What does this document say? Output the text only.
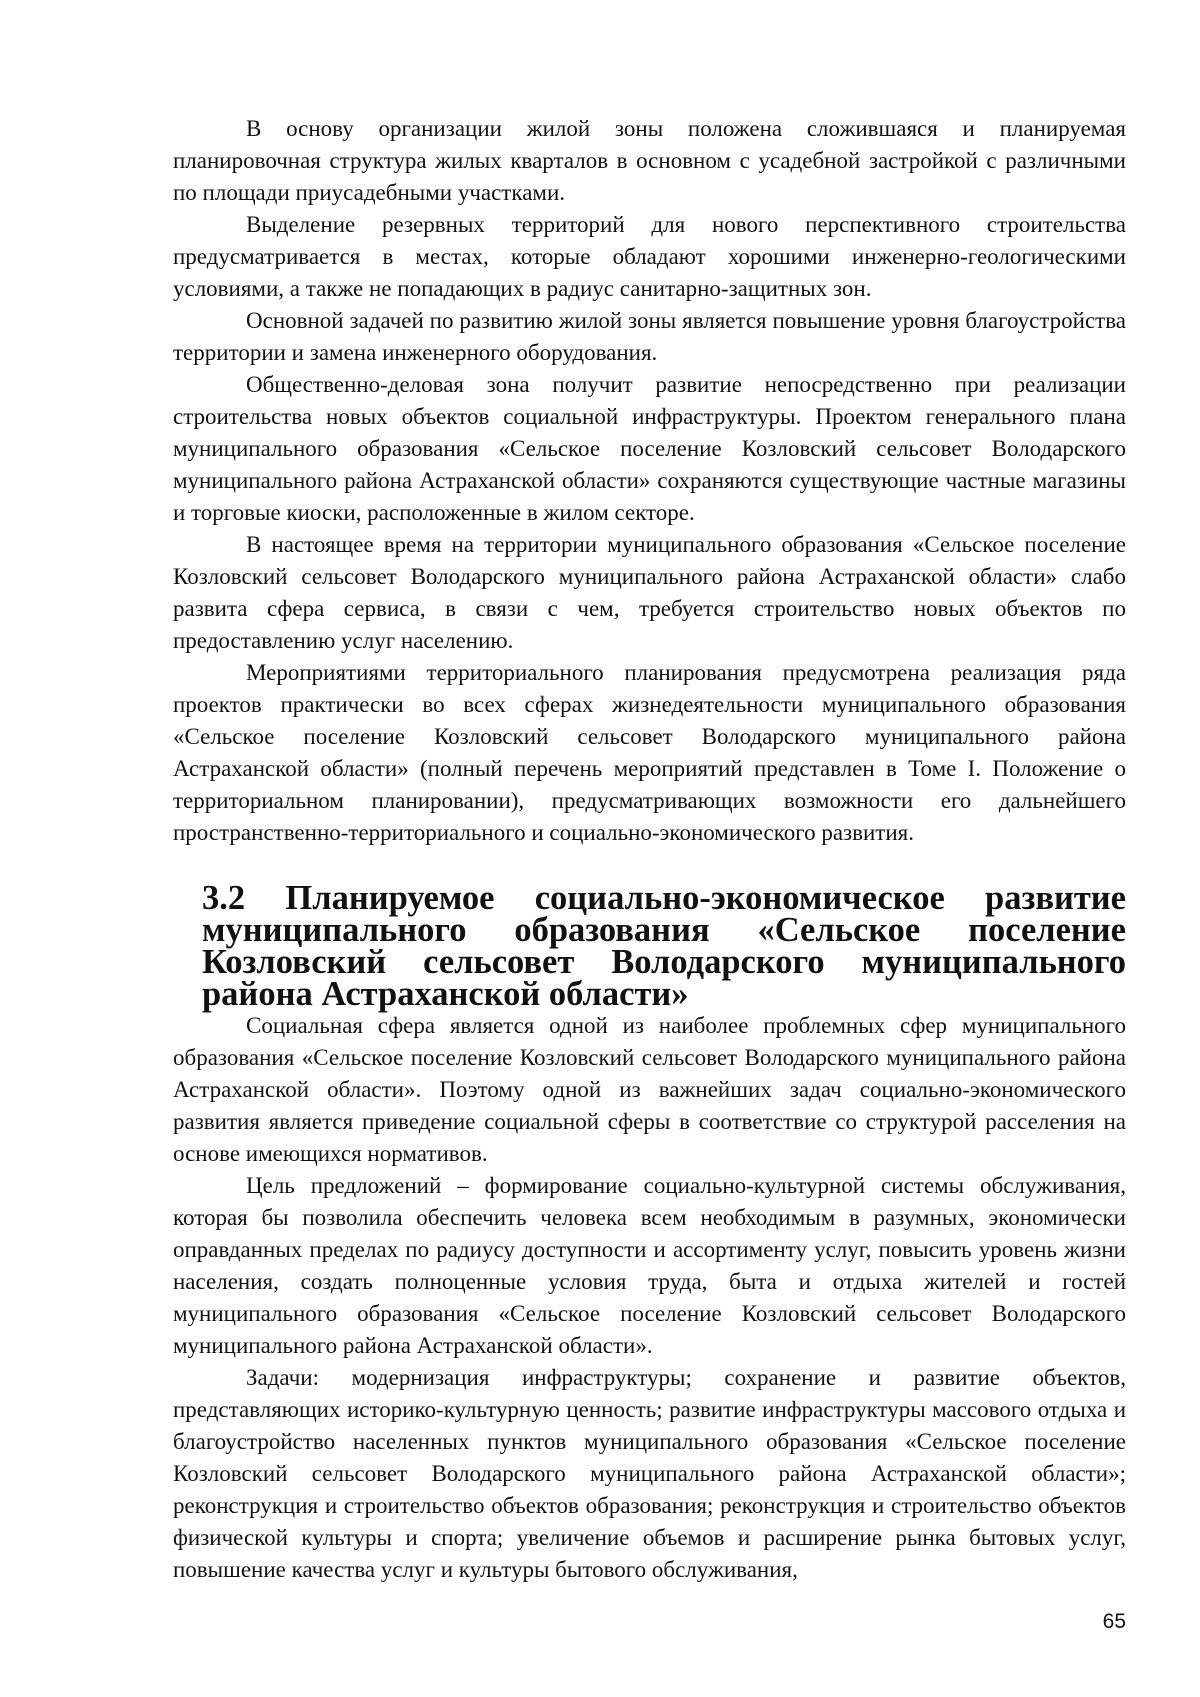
В основу организации жилой зоны положена сложившаяся и планируемая планировочная структура жилых кварталов в основном с усадебной застройкой с различными по площади приусадебными участками.

Выделение резервных территорий для нового перспективного строительства предусматривается в местах, которые обладают хорошими инженерно-геологическими условиями, а также не попадающих в радиус санитарно-защитных зон.

Основной задачей по развитию жилой зоны является повышение уровня благоустройства территории и замена инженерного оборудования.

Общественно-деловая зона получит развитие непосредственно при реализации строительства новых объектов социальной инфраструктуры. Проектом генерального плана муниципального образования «Сельское поселение Козловский сельсовет Володарского муниципального района Астраханской области» сохраняются существующие частные магазины и торговые киоски, расположенные в жилом секторе.

В настоящее время на территории муниципального образования «Сельское поселение Козловский сельсовет Володарского муниципального района Астраханской области» слабо развита сфера сервиса, в связи с чем, требуется строительство новых объектов по предоставлению услуг населению.

Мероприятиями территориального планирования предусмотрена реализация ряда проектов практически во всех сферах жизнедеятельности муниципального образования «Сельское поселение Козловский сельсовет Володарского муниципального района Астраханской области» (полный перечень мероприятий представлен в Томе I. Положение о территориальном планировании), предусматривающих возможности его дальнейшего пространственно-территориального и социально-экономического развития.

3.2 Планируемое социально-экономическое развитие муниципального образования «Сельское поселение Козловский сельсовет Володарского муниципального района Астраханской области»

Социальная сфера является одной из наиболее проблемных сфер муниципального образования «Сельское поселение Козловский сельсовет Володарского муниципального района Астраханской области». Поэтому одной из важнейших задач социально-экономического развития является приведение социальной сферы в соответствие со структурой расселения на основе имеющихся нормативов.

Цель предложений – формирование социально-культурной системы обслуживания, которая бы позволила обеспечить человека всем необходимым в разумных, экономически оправданных пределах по радиусу доступности и ассортименту услуг, повысить уровень жизни населения, создать полноценные условия труда, быта и отдыха жителей и гостей муниципального образования «Сельское поселение Козловский сельсовет Володарского муниципального района Астраханской области».

Задачи: модернизация инфраструктуры; сохранение и развитие объектов, представляющих историко-культурную ценность; развитие инфраструктуры массового отдыха и благоустройство населенных пунктов муниципального образования «Сельское поселение Козловский сельсовет Володарского муниципального района Астраханской области»; реконструкция и строительство объектов образования; реконструкция и строительство объектов физической культуры и спорта; увеличение объемов и расширение рынка бытовых услуг, повышение качества услуг и культуры бытового обслуживания,

65
